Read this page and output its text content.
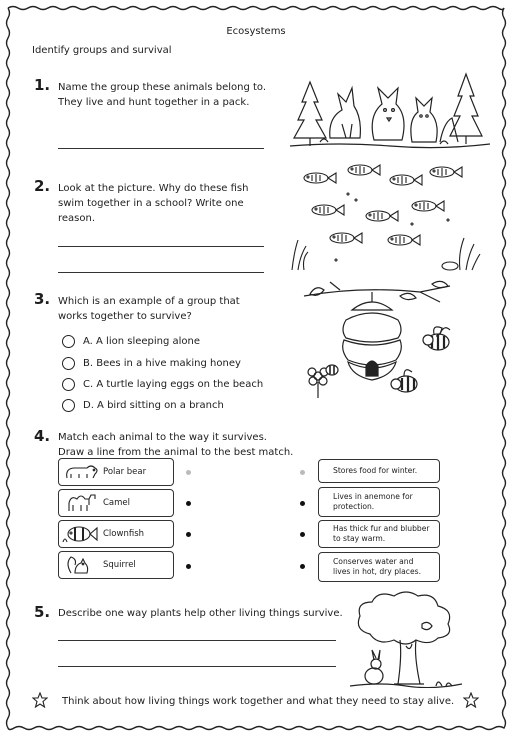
Ecosystems
Identify groups and survival
1. Name the group these animals belong to.
They live and hunt together in a pack.
2. Look at the picture. Why do these fish
swim together in a school? Write one
reason.
3. Which is an example of a group that
works together to survive?
A. A lion sleeping alone
B. Bees in a hive making honey
C. A turtle laying eggs on the beach
D. A bird sitting on a branch
4. Match each animal to the way it survives.
Draw a line from the animal to the best match.
Polar bear
Camel
Clownfish
Squirrel
Stores food for winter.
Lives in anemone for protection.
Has thick fur and blubber to stay warm.
Conserves water and lives in hot, dry places.
5. Describe one way plants help other living things survive.
Think about how living things work together and what they need to stay alive.
